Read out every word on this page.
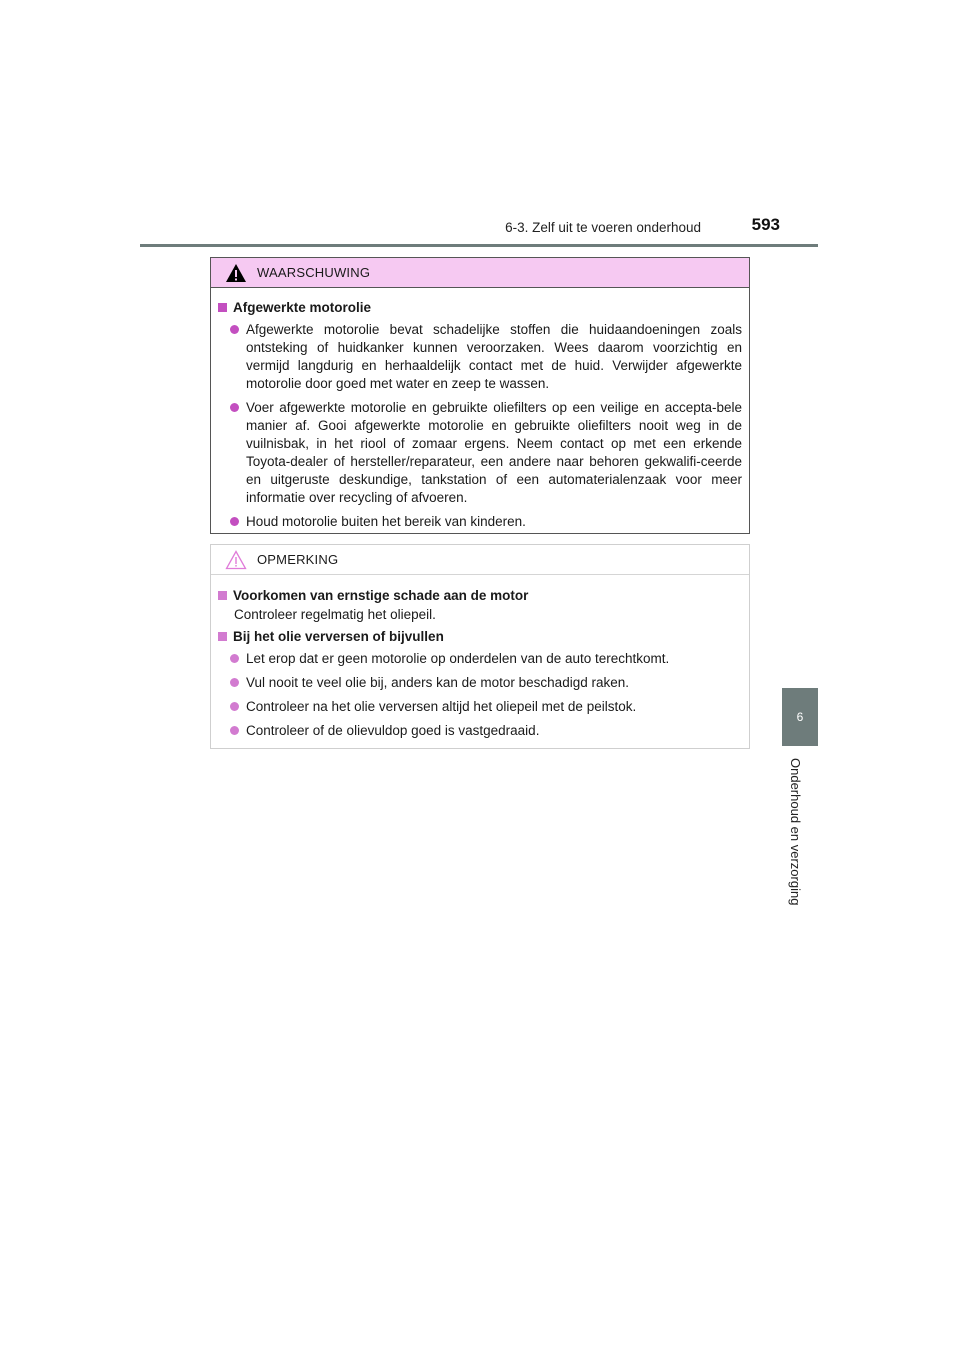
6-3. Zelf uit te voeren onderhoud	593
6
Onderhoud en verzorging
WAARSCHUWING
Afgewerkte motorolie
Afgewerkte motorolie bevat schadelijke stoffen die huidaandoeningen zoals ontsteking of huidkanker kunnen veroorzaken. Wees daarom voorzichtig en vermijd langdurig en herhaaldelijk contact met de huid. Verwijder afgewerkte motorolie door goed met water en zeep te wassen.
Voer afgewerkte motorolie en gebruikte oliefilters op een veilige en accepta-bele manier af. Gooi afgewerkte motorolie en gebruikte oliefilters nooit weg in de vuilnisbak, in het riool of zomaar ergens. Neem contact op met een erkende Toyota-dealer of hersteller/reparateur, een andere naar behoren gekwalifi-ceerde en uitgeruste deskundige, tankstation of een automaterialenzaak voor meer informatie over recycling of afvoeren.
Houd motorolie buiten het bereik van kinderen.
OPMERKING
Voorkomen van ernstige schade aan de motor
Controleer regelmatig het oliepeil.
Bij het olie verversen of bijvullen
Let erop dat er geen motorolie op onderdelen van de auto terechtkomt.
Vul nooit te veel olie bij, anders kan de motor beschadigd raken.
Controleer na het olie verversen altijd het oliepeil met de peilstok.
Controleer of de olievuldop goed is vastgedraaid.
